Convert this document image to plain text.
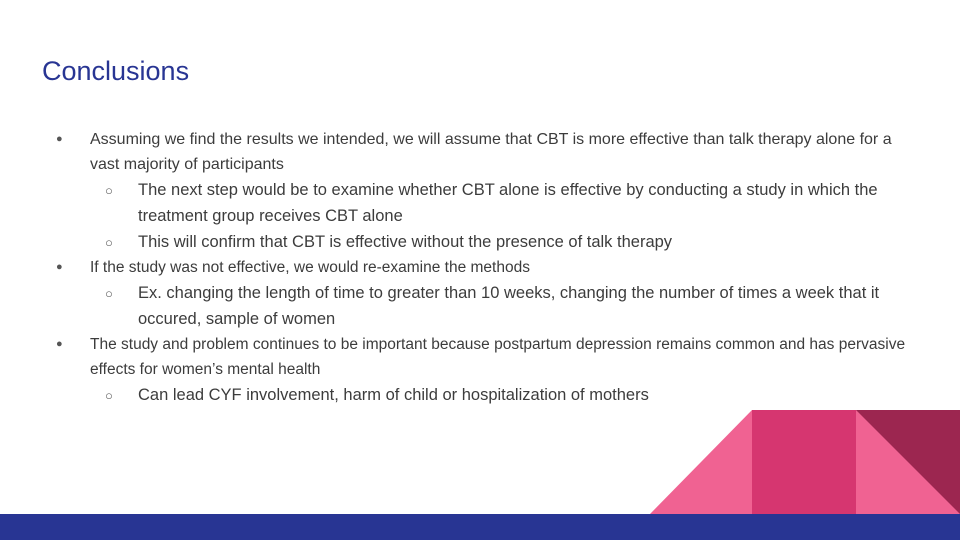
Conclusions
● Assuming we find the results we intended, we will assume that CBT is more effective than talk therapy alone for a vast majority of participants
○ The next step would be to examine whether CBT alone is effective by conducting a study in which the treatment group receives CBT alone
○ This will confirm that CBT is effective without the presence of talk therapy
● If the study was not effective, we would re-examine the methods
○ Ex. changing the length of time to greater than 10 weeks, changing the number of times a week that it occured, sample of women
● The study and problem continues to be important because postpartum depression remains common and has pervasive effects for women’s mental health
○ Can lead CYF involvement, harm of child or hospitalization of mothers
